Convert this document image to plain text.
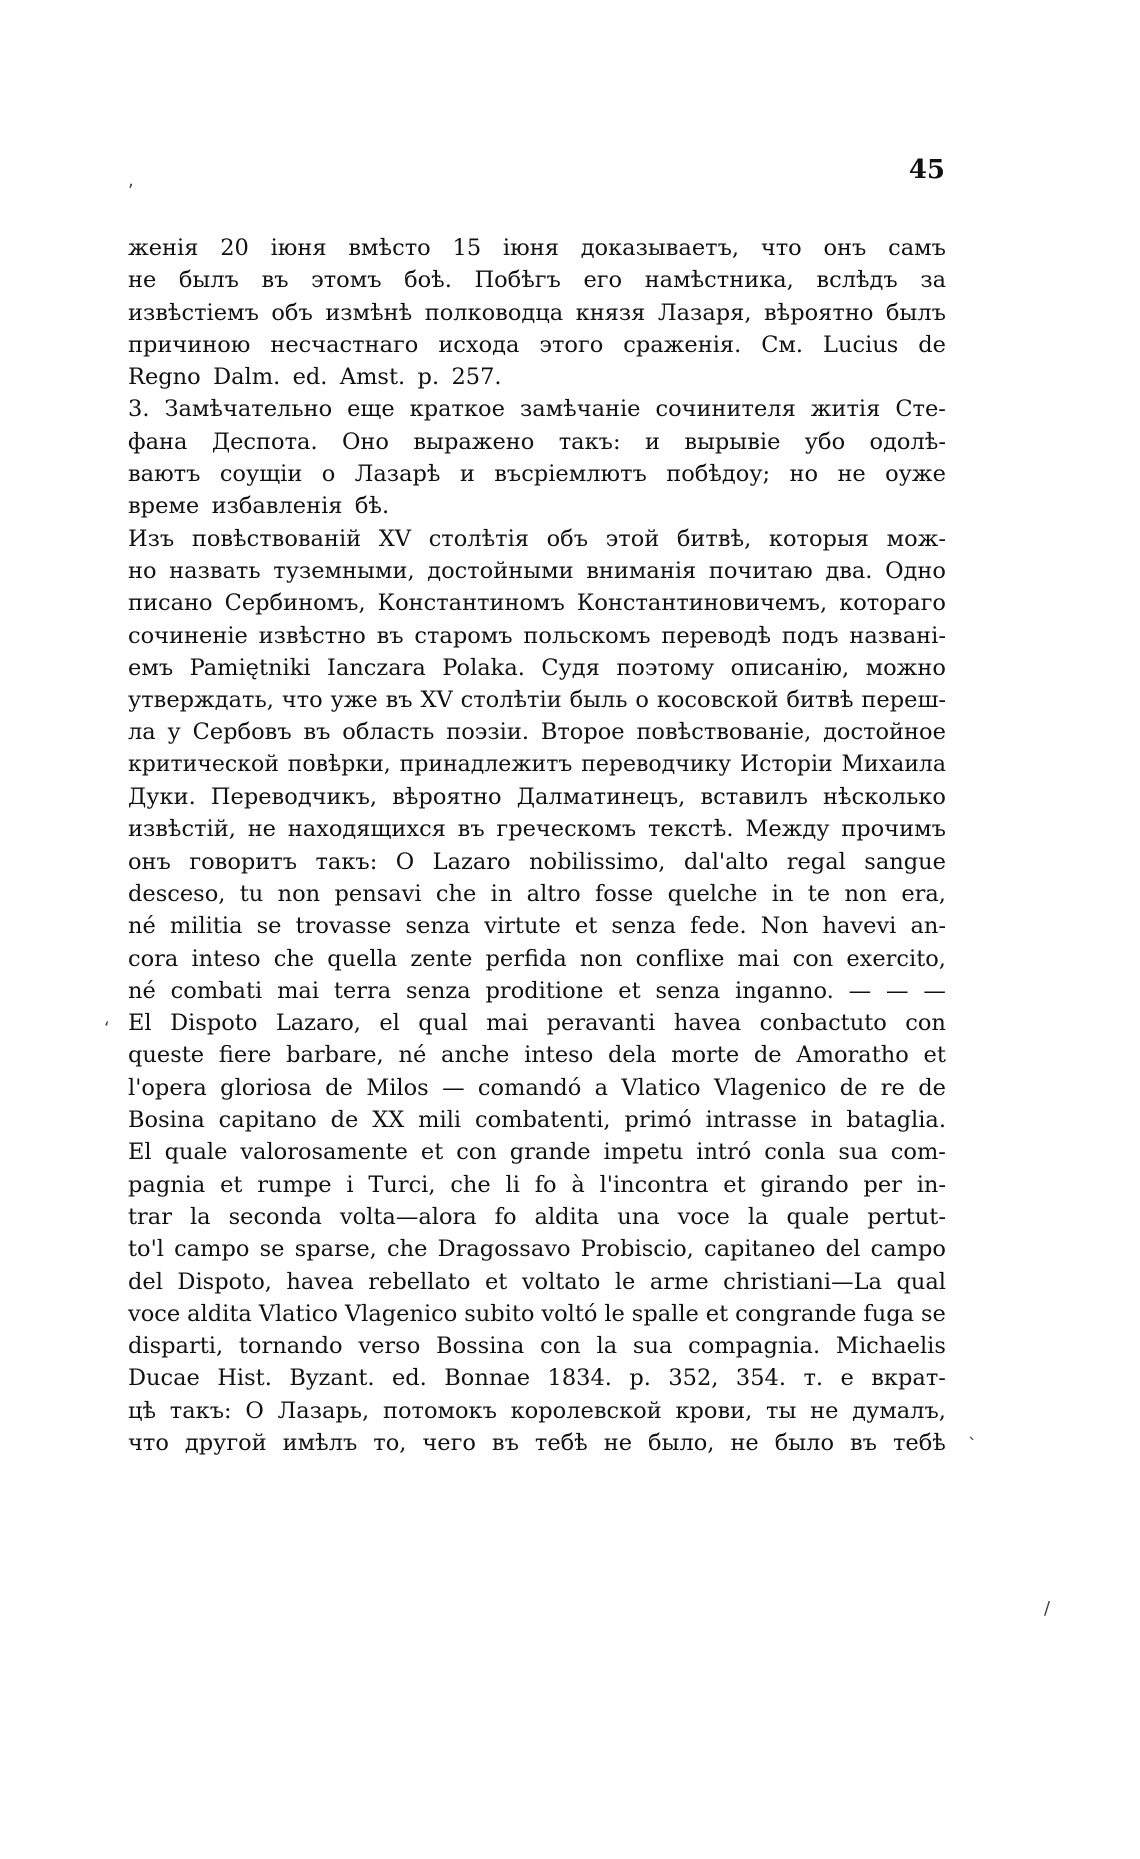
,	45
женія 20 іюня вмѣсто 15 іюня доказываетъ, что онъ самъ
не былъ въ этомъ боѣ. Побѣгъ его намѣстника, вслѣдъ за
извѣстіемъ объ измѣнѣ полководца князя Лазаря, вѣроятно былъ
причиною несчастнаго исхода этого сраженія. См. Lucius de
Regno Dalm. ed. Amst. p. 257.
3. Замѣчательно еще краткое замѣчаніе сочинителя житія Сте-
фана Деспота. Оно выражено такъ: и вырывіе убо одолѣ-
ваютъ соущіи о Лазарѣ и въсріемлютъ побѣдоу; но не оуже
време избавленія бѣ.
Изъ повѣствованій XV столѣтія объ этой битвѣ, которыя мож-
но назвать туземными, достойными вниманія почитаю два. Одно
писано Сербиномъ, Константиномъ Константиновичемъ, котораго
сочиненіе извѣстно въ старомъ польскомъ переводѣ подъ названі-
емъ Pamiętniki Ianczara Polaka. Судя поэтому описанію, можно
утверждать, что уже въ XV столѣтіи быль о косовской битвѣ переш-
ла у Сербовъ въ область поэзіи. Второе повѣствованіе, достойное
критической повѣрки, принадлежитъ переводчику Исторіи Михаила
Дуки. Переводчикъ, вѣроятно Далматинецъ, вставилъ нѣсколько
извѣстій, не находящихся въ греческомъ текстѣ. Между прочимъ
онъ говоритъ такъ: O Lazaro nobilissimo, dal'alto regal sangue
desceso, tu non pensavi che in altro fosse quelche in te non era,
né militia se trovasse senza virtute et senza fede. Non havevi an-
cora inteso che quella zente perfida non conflixe mai con exercito,
né combati mai terra senza proditione et senza inganno. — — —
El Dispoto Lazaro, el qual mai peravanti havea conbactuto con
queste fiere barbare, né anche inteso dela morte de Amoratho et
l'opera gloriosa de Milos — comandó a Vlatico Vlagenico de re de
Bosina capitano de XX mili combatenti, primó intrasse in bataglia.
El quale valorosamente et con grande impetu intró conla sua com-
pagnia et rumpe i Turci, che li fo à l'incontra et girando per in-
trar la seconda volta—alora fo aldita una voce la quale pertut-
to'l campo se sparse, che Dragossavo Probiscio, capitaneo del campo
del Dispoto, havea rebellato et voltato le arme christiani—La qual
voce aldita Vlatico Vlagenico subito voltó le spalle et congrande fuga se
disparti, tornando verso Bossina con la sua compagnia. Michaelis
Ducae Hist. Byzant. ed. Bonnae 1834. p. 352, 354. т. е вкрат-
цѣ такъ: О Лазарь, потомокъ королевской крови, ты не думалъ,
что другой имѣлъ то, чего въ тебѣ не было, не было въ тебѣ
ʻ
ˎ
/
